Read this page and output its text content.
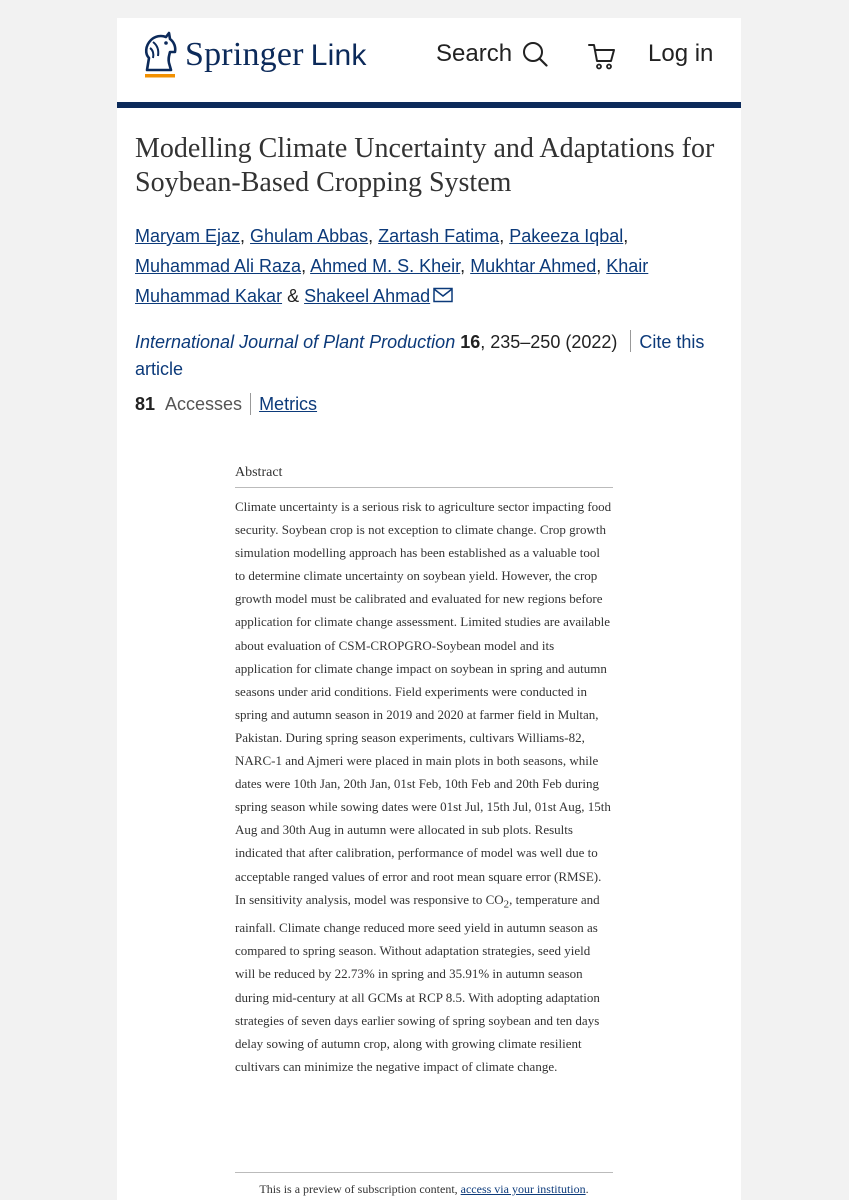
Springer Link	Search	Log in
Modelling Climate Uncertainty and Adaptations for Soybean-Based Cropping System
Maryam Ejaz, Ghulam Abbas, Zartash Fatima, Pakeeza Iqbal, Muhammad Ali Raza, Ahmed M. S. Kheir, Mukhtar Ahmed, Khair Muhammad Kakar & Shakeel Ahmad
International Journal of Plant Production 16, 235–250 (2022) Cite this article
81 Accesses Metrics
Abstract

Climate uncertainty is a serious risk to agriculture sector impacting food security. Soybean crop is not exception to climate change. Crop growth simulation modelling approach has been established as a valuable tool to determine climate uncertainty on soybean yield. However, the crop growth model must be calibrated and evaluated for new regions before application for climate change assessment. Limited studies are available about evaluation of CSM-CROPGRO-Soybean model and its application for climate change impact on soybean in spring and autumn seasons under arid conditions. Field experiments were conducted in spring and autumn season in 2019 and 2020 at farmer field in Multan, Pakistan. During spring season experiments, cultivars Williams-82, NARC-1 and Ajmeri were placed in main plots in both seasons, while dates were 10th Jan, 20th Jan, 01st Feb, 10th Feb and 20th Feb during spring season while sowing dates were 01st Jul, 15th Jul, 01st Aug, 15th Aug and 30th Aug in autumn were allocated in sub plots. Results indicated that after calibration, performance of model was well due to acceptable ranged values of error and root mean square error (RMSE). In sensitivity analysis, model was responsive to $CO_2$, temperature and rainfall. Climate change reduced more seed yield in autumn season as compared to spring season. Without adaptation strategies, seed yield will be reduced by 22.73% in spring and 35.91% in autumn season during mid-century at all GCMs at RCP 8.5. With adopting adaptation strategies of seven days earlier sowing of spring soybean and ten days delay sowing of autumn crop, along with growing climate resilient cultivars can minimize the negative impact of climate change.

This is a preview of subscription content, access via your institution.
